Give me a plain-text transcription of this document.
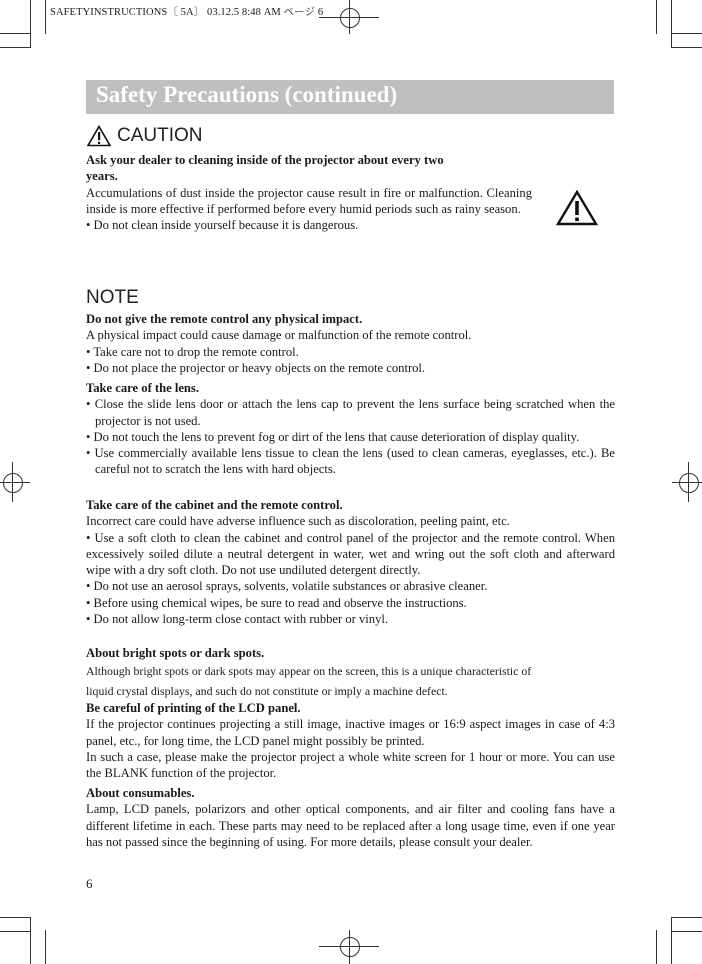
SAFETYINSTRUCTIONS〔 5A〕 03.12.5 8:48 AM ページ 6
Safety Precautions (continued)
CAUTION

Ask your dealer to cleaning inside of the projector about every two

years.

Accumulations of dust inside the projector cause result in fire or malfunction. Cleaning inside is more effective if performed before every humid periods such as rainy season.

• Do not clean inside yourself because it is dangerous.

NOTE

Do not give the remote control any physical impact.

A physical impact could cause damage or malfunction of the remote control.

• Take care not to drop the remote control.

• Do not place the projector or heavy objects on the remote control.

Take care of the lens.

• Close the slide lens door or attach the lens cap to prevent the lens surface being scratched when the projector is not used.

• Do not touch the lens to prevent fog or dirt of the lens that cause deterioration of display quality.

• Use commercially available lens tissue to clean the lens (used to clean cameras, eyeglasses, etc.). Be careful not to scratch the lens with hard objects.

Take care of the cabinet and the remote control.

Incorrect care could have adverse influence such as discoloration, peeling paint, etc.

• Use a soft cloth to clean the cabinet and control panel of the projector and the remote control. When excessively soiled dilute a neutral detergent in water, wet and wring out the soft cloth and afterward wipe with a dry soft cloth. Do not use undiluted detergent directly.

• Do not use an aerosol sprays, solvents, volatile substances or abrasive cleaner.

• Before using chemical wipes, be sure to read and observe the instructions.

• Do not allow long-term close contact with rubber or vinyl.

About bright spots or dark spots.

Although bright spots or dark spots may appear on the screen, this is a unique characteristic of

liquid crystal displays, and such do not constitute or imply a machine defect.

Be careful of printing of the LCD panel.

If the projector continues projecting a still image, inactive images or 16:9 aspect images in case of 4:3 panel, etc., for long time, the LCD panel might possibly be printed.

In such a case, please make the projector project a whole white screen for 1 hour or more. You can use the BLANK function of the projector.

About consumables.

Lamp, LCD panels, polarizors and other optical components, and air filter and cooling fans have a different lifetime in each. These parts may need to be replaced after a long usage time, even if one year has not passed since the beginning of using. For more details, please consult your dealer.

6
